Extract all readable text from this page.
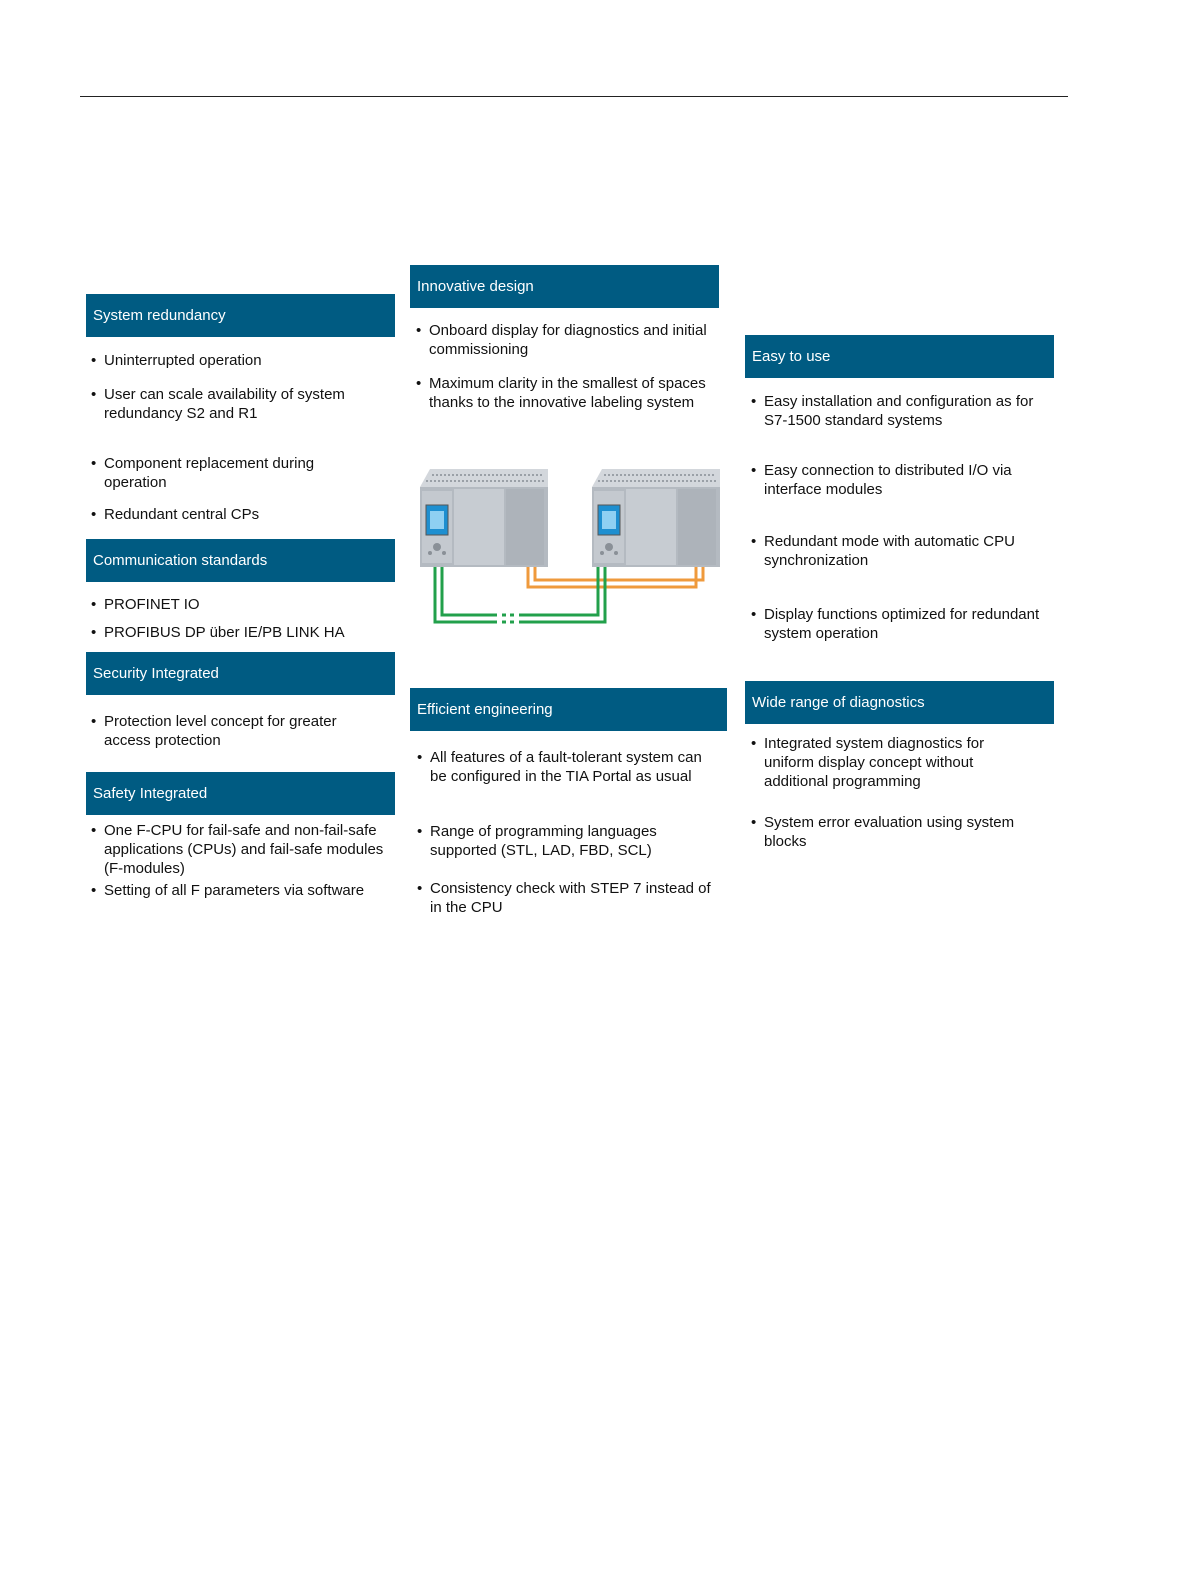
System redundancy
• Uninterrupted operation
• User can scale availability of system redundancy S2 and R1
• Component replacement during operation
• Redundant central CPs
Communication standards
• PROFINET IO
• PROFIBUS DP über IE/PB LINK HA
Security Integrated
• Protection level concept for greater access protection
Safety Integrated
• One F-CPU for fail-safe and non-fail-safe applications (CPUs) and fail-safe modules (F-modules)
• Setting of all F parameters via software
Innovative design
• Onboard display for diagnostics and initial commissioning
• Maximum clarity in the smallest of spaces thanks to the innovative labeling system
Efficient engineering
• All features of a fault-tolerant system can be configured in the TIA Portal as usual
• Range of programming languages supported (STL, LAD, FBD, SCL)
• Consistency check with STEP 7 instead of in the CPU
Easy to use
• Easy installation and configuration as for S7-1500 standard systems
• Easy connection to distributed I/O via interface modules
• Redundant mode with automatic CPU synchronization
• Display functions optimized for redundant system operation
Wide range of diagnostics
• Integrated system diagnostics for uniform display concept without additional programming
• System error evaluation using system blocks
